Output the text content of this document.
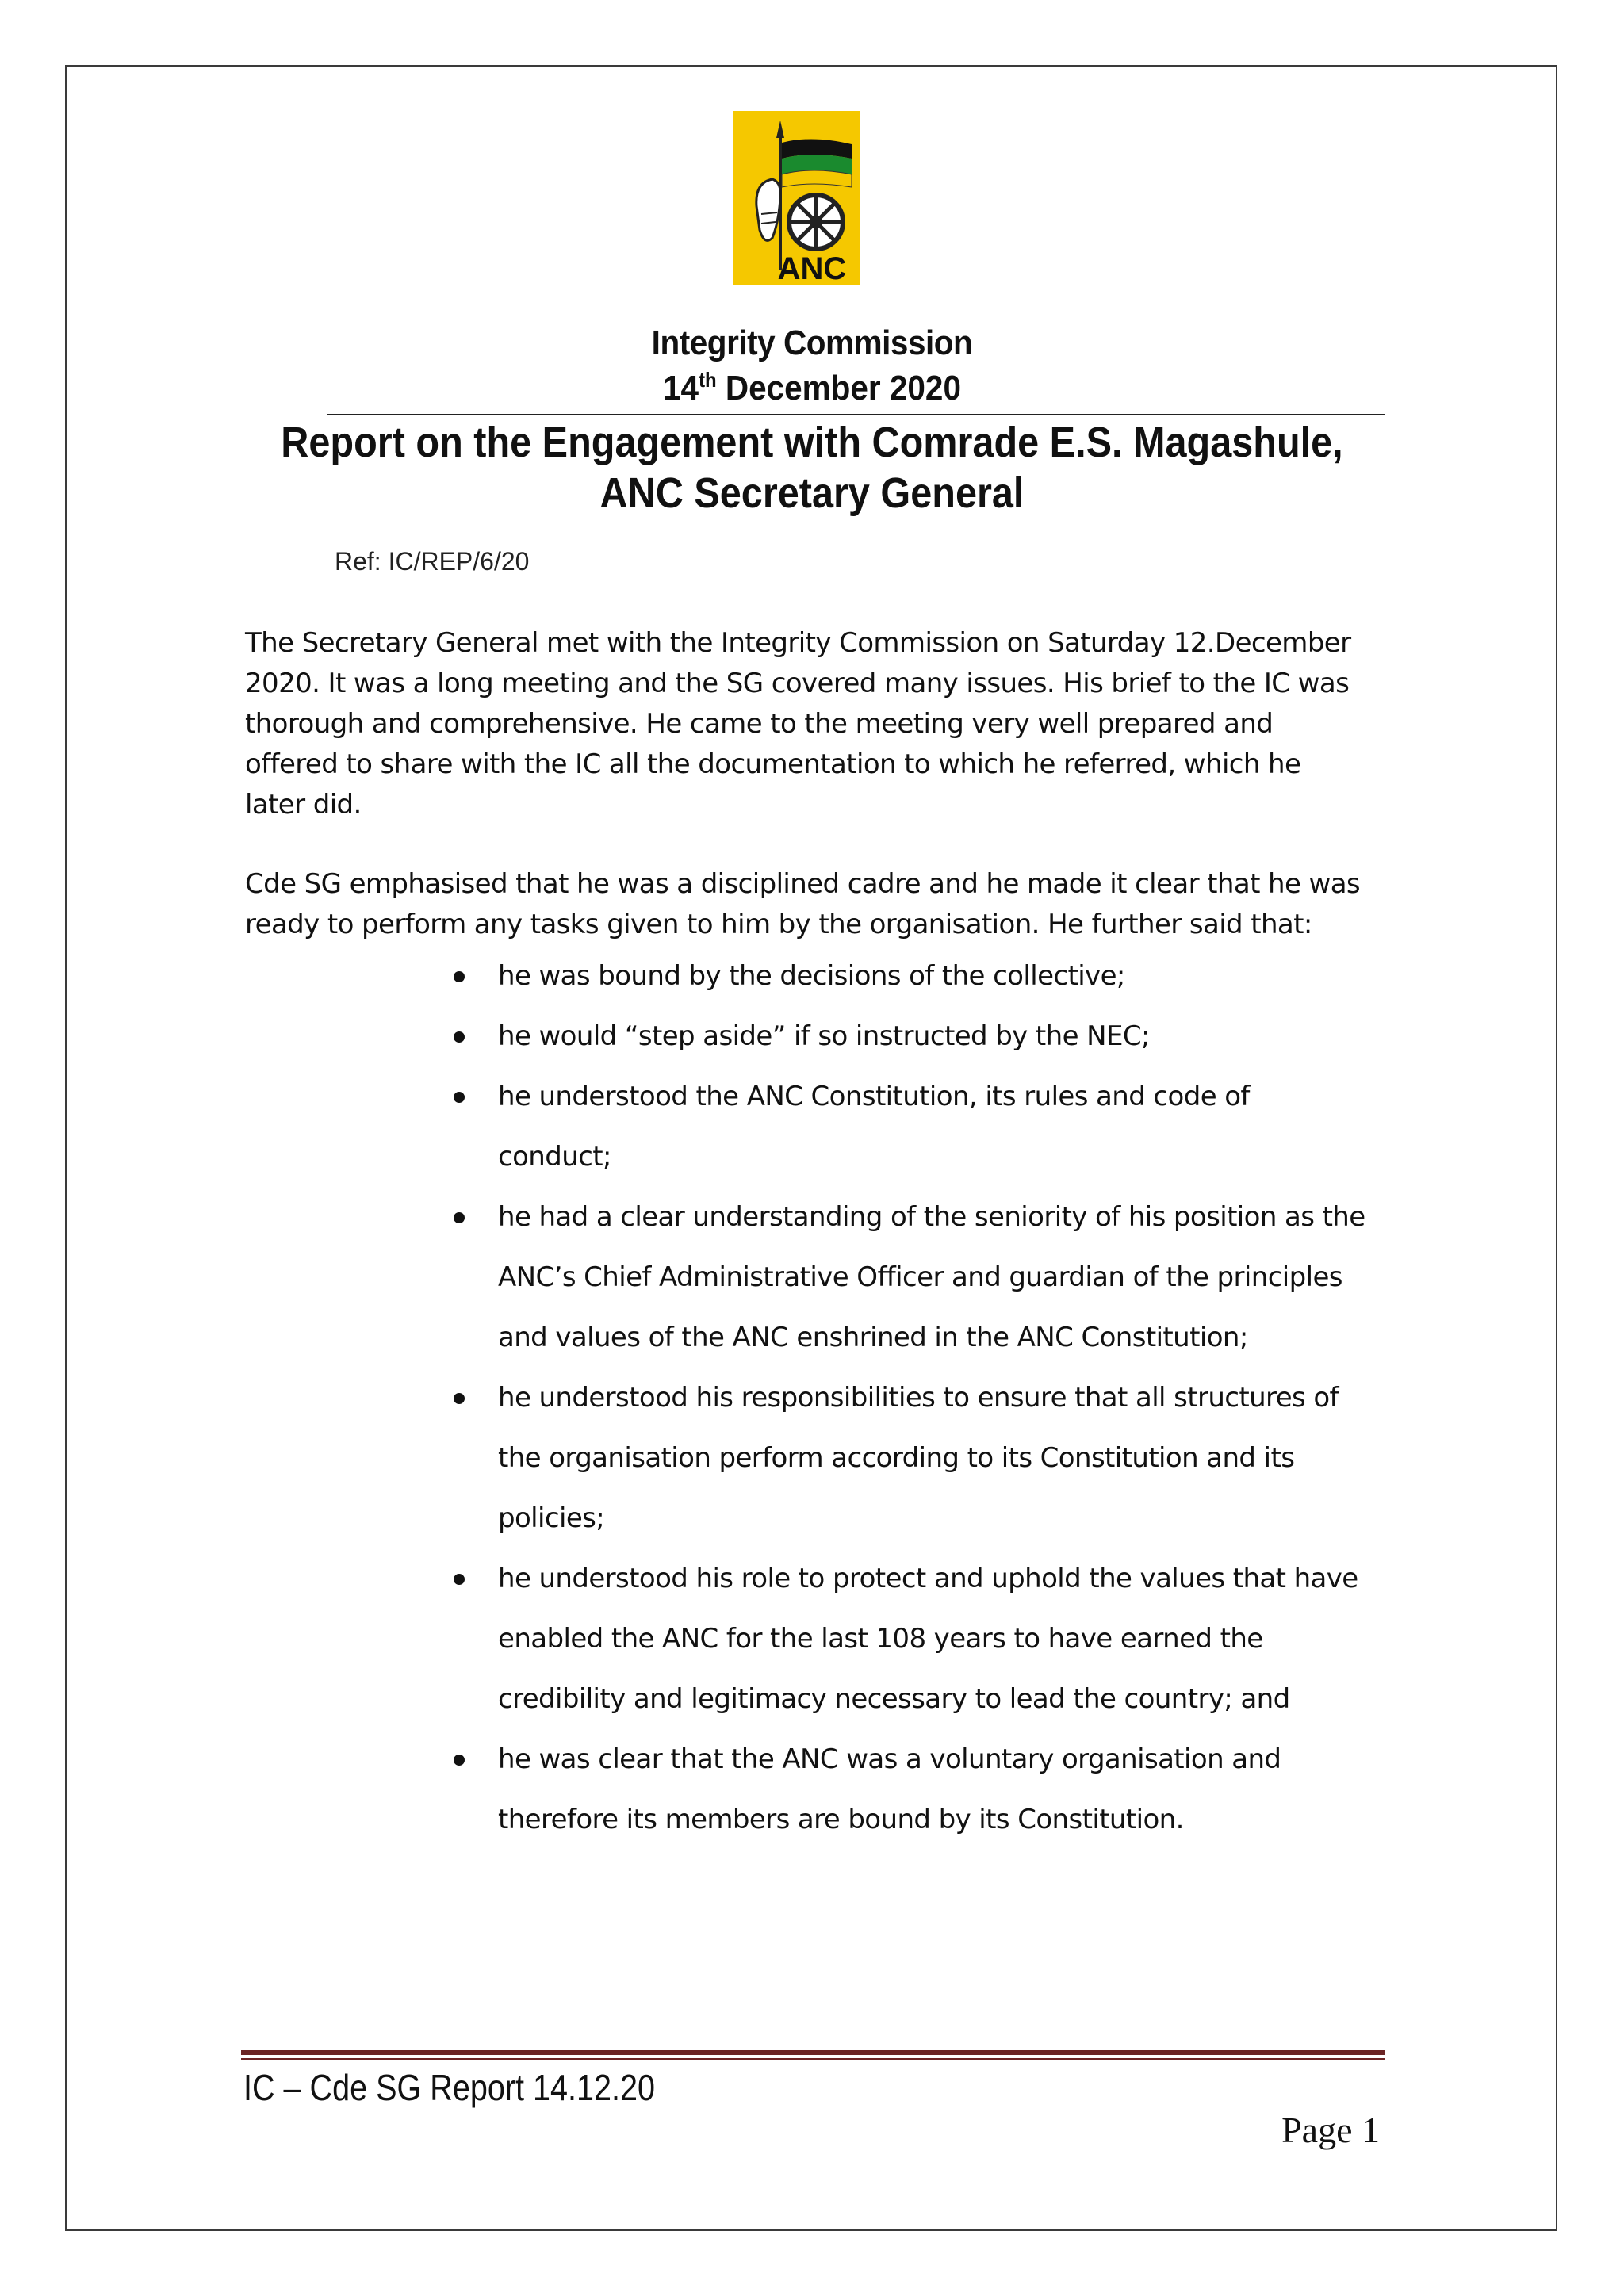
ANC
Integrity Commission
14th December 2020
Report on the Engagement with Comrade E.S. Magashule,
ANC Secretary General
Ref: IC/REP/6/20
The Secretary General met with the Integrity Commission on Saturday 12.December
2020. It was a long meeting and the SG covered many issues. His brief to the IC was
thorough and comprehensive. He came to the meeting very well prepared and
offered to share with the IC all the documentation to which he referred, which he
later did.
Cde SG emphasised that he was a disciplined cadre and he made it clear that he was
ready to perform any tasks given to him by the organisation. He further said that:
he was bound by the decisions of the collective;
he would “step aside” if so instructed by the NEC;
he understood the ANC Constitution, its rules and code of
conduct;
he had a clear understanding of the seniority of his position as the
ANC’s Chief Administrative Officer and guardian of the principles
and values of the ANC enshrined in the ANC Constitution;
he understood his responsibilities to ensure that all structures of
the organisation perform according to its Constitution and its
policies;
he understood his role to protect and uphold the values that have
enabled the ANC for the last 108 years to have earned the
credibility and legitimacy necessary to lead the country; and
he was clear that the ANC was a voluntary organisation and
therefore its members are bound by its Constitution.
IC – Cde SG Report 14.12.20
Page 1
